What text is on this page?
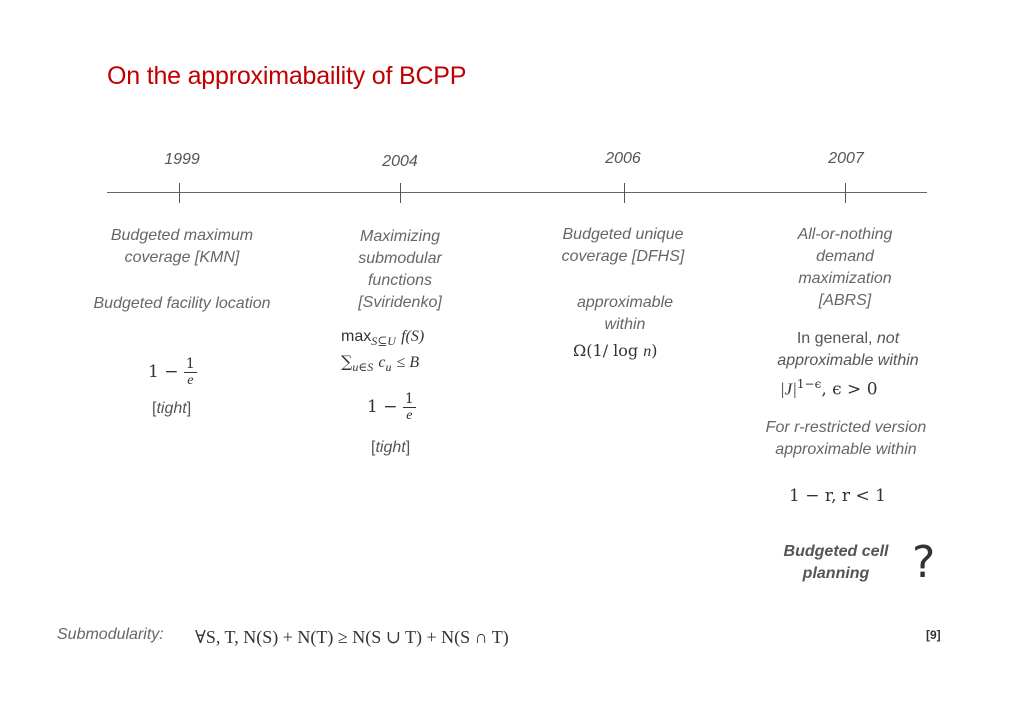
On the approximabaility of BCPP
1999	2004	2006	2007
Budgeted maximum coverage [KMN]
Budgeted facility location
$1 - \frac{1}{e}$
[tight]
Maximizing submodular functions [Sviridenko]
$\max_{S⊆U} f(S)$
$\sum_{u\in S}$ $c_u \le B$
$1 - \frac{1}{e}$
[tight]
Budgeted unique coverage [DFHS]
approximable within
Ω(1/ log n)
All-or-nothing demand maximization [ABRS]
In general, not
approximable within
$|J|^{1-\epsilon}$, ϵ > 0
For r-restricted version approximable within
1 − r, r < 1
Budgeted cell planning ?
Submodularity: ∀S, T, N(S) + N(T) ≥ N(S ∪ T) + N(S ∩ T)	[9]
